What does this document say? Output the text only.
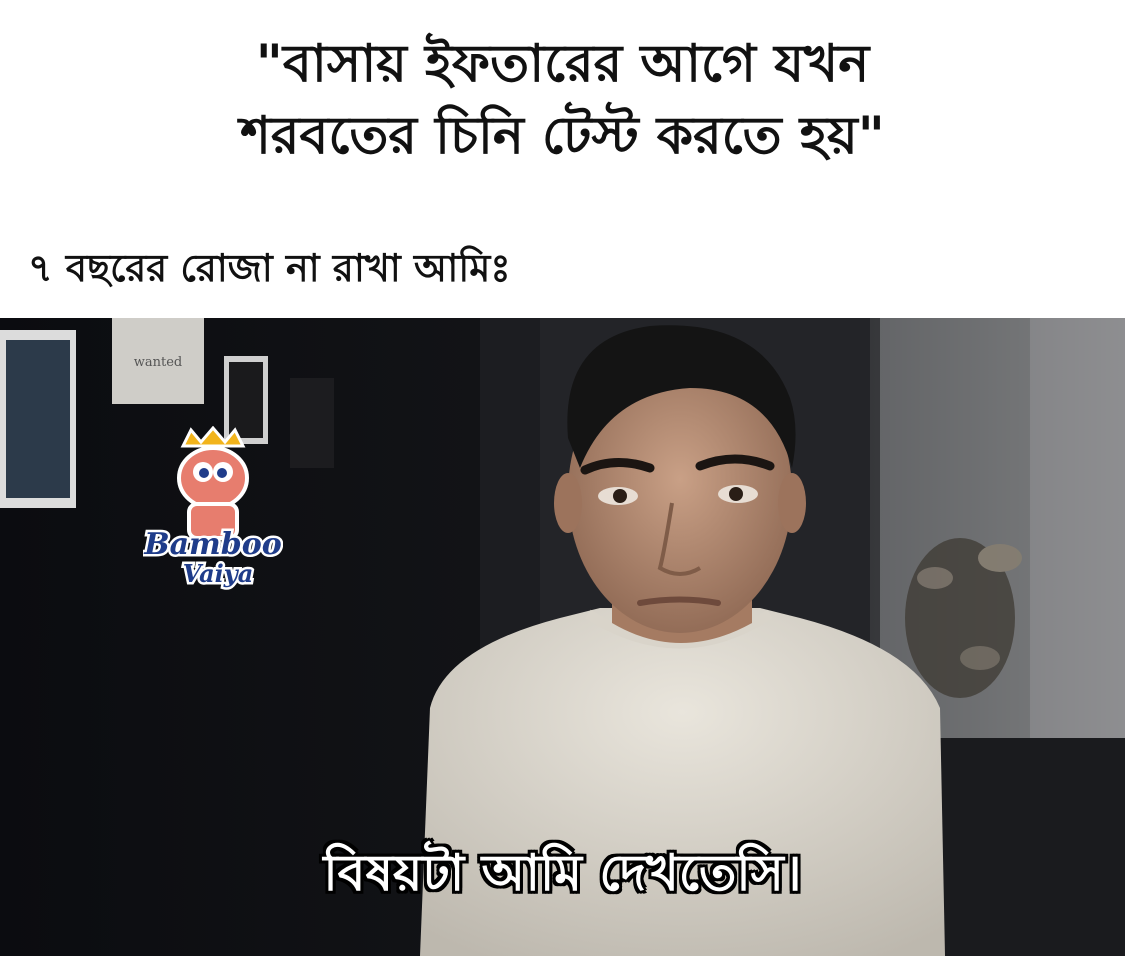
"বাসায় ইফতারের আগে যখন
শরবতের চিনি টেস্ট করতে হয়"
৭ বছরের রোজা না রাখা আমিঃ
wanted
Bamboo
Vaiya
বিষয়টা আমি দেখতেসি।
